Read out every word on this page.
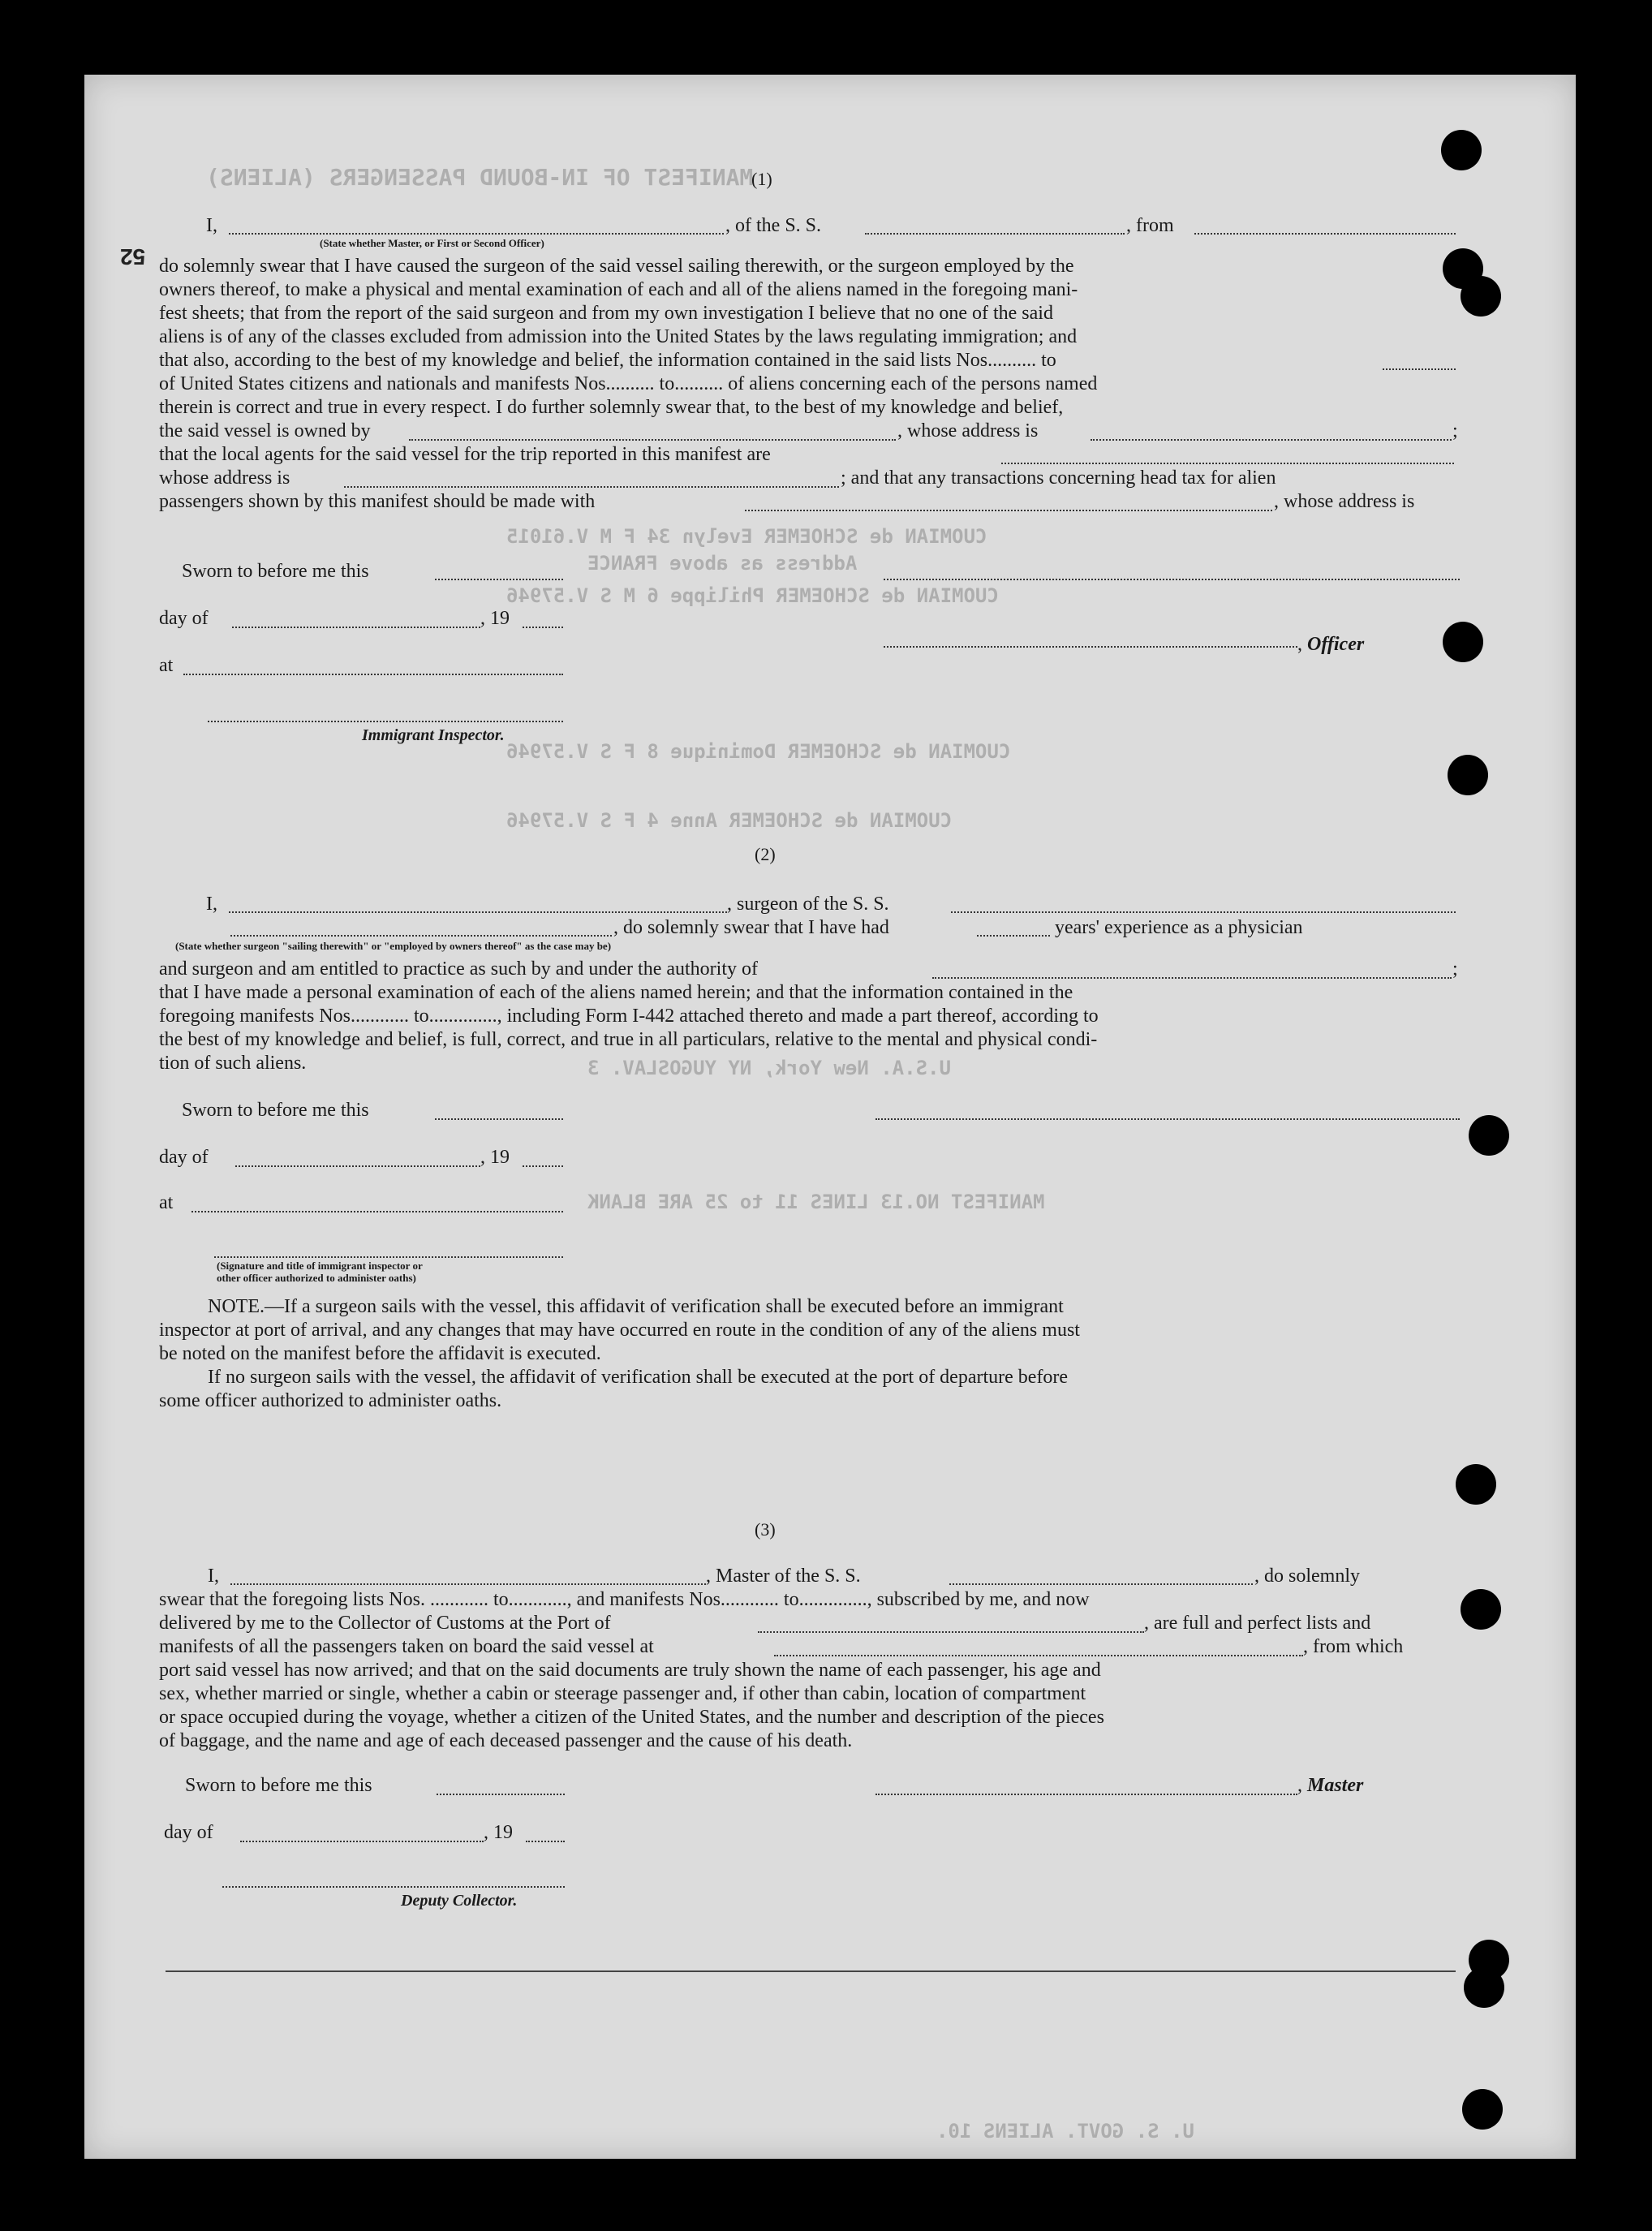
MANIFEST OF IN-BOUND PASSENGERS (ALIENS)
CUOMIAN de SCHOEMER Evelyn 34 F M V.61015
Address as above FRANCE
CUOMIAN de SCHOEMER Philippe 6 M S V.57946
CUOMIAN de SCHOEMER Dominique 8 F S V.57946
CUOMIAN de SCHOEMER Anne 4 F S V.57946
U.S.A. New York, NY YUGOSLAV. 3
MANIFEST NO.13 LINES 11 to 25 ARE BLANK
U. S. GOVT. ALIENS 10.
52
(1)
I,	, of the S. S.	, from
(State whether Master, or First or Second Officer)
do solemnly swear that I have caused the surgeon of the said vessel sailing therewith, or the surgeon employed by the
owners thereof, to make a physical and mental examination of each and all of the aliens named in the foregoing mani-
fest sheets; that from the report of the said surgeon and from my own investigation I believe that no one of the said
aliens is of any of the classes excluded from admission into the United States by the laws regulating immigration; and
that also, according to the best of my knowledge and belief, the information contained in the said lists Nos.......... to
of United States citizens and nationals and manifests Nos.......... to.......... of aliens concerning each of the persons named
therein is correct and true in every respect. I do further solemnly swear that, to the best of my knowledge and belief,
the said vessel is owned by	, whose address is	;
that the local agents for the said vessel for the trip reported in this manifest are
whose address is	; and that any transactions concerning head tax for alien
passengers shown by this manifest should be made with	, whose address is
Sworn to before me this
day of	, 19
, Officer
at
Immigrant Inspector.
(2)
I,	, surgeon of the S. S.
, do solemnly swear that I have had	years' experience as a physician
(State whether surgeon "sailing therewith" or "employed by owners thereof" as the case may be)
and surgeon and am entitled to practice as such by and under the authority of	;
that I have made a personal examination of each of the aliens named herein; and that the information contained in the
foregoing manifests Nos............ to.............., including Form I-442 attached thereto and made a part thereof, according to
the best of my knowledge and belief, is full, correct, and true in all particulars, relative to the mental and physical condi-
tion of such aliens.
Sworn to before me this
day of	, 19
at
(Signature and title of immigrant inspector or
other officer authorized to administer oaths)
NOTE.—If a surgeon sails with the vessel, this affidavit of verification shall be executed before an immigrant
inspector at port of arrival, and any changes that may have occurred en route in the condition of any of the aliens must
be noted on the manifest before the affidavit is executed.
If no surgeon sails with the vessel, the affidavit of verification shall be executed at the port of departure before
some officer authorized to administer oaths.
(3)
I,	, Master of the S. S.	, do solemnly
swear that the foregoing lists Nos. ............ to............, and manifests Nos............ to.............., subscribed by me, and now
delivered by me to the Collector of Customs at the Port of	, are full and perfect lists and
manifests of all the passengers taken on board the said vessel at	, from which
port said vessel has now arrived; and that on the said documents are truly shown the name of each passenger, his age and
sex, whether married or single, whether a cabin or steerage passenger and, if other than cabin, location of compartment
or space occupied during the voyage, whether a citizen of the United States, and the number and description of the pieces
of baggage, and the name and age of each deceased passenger and the cause of his death.
Sworn to before me this	, Master
day of	, 19
Deputy Collector.
